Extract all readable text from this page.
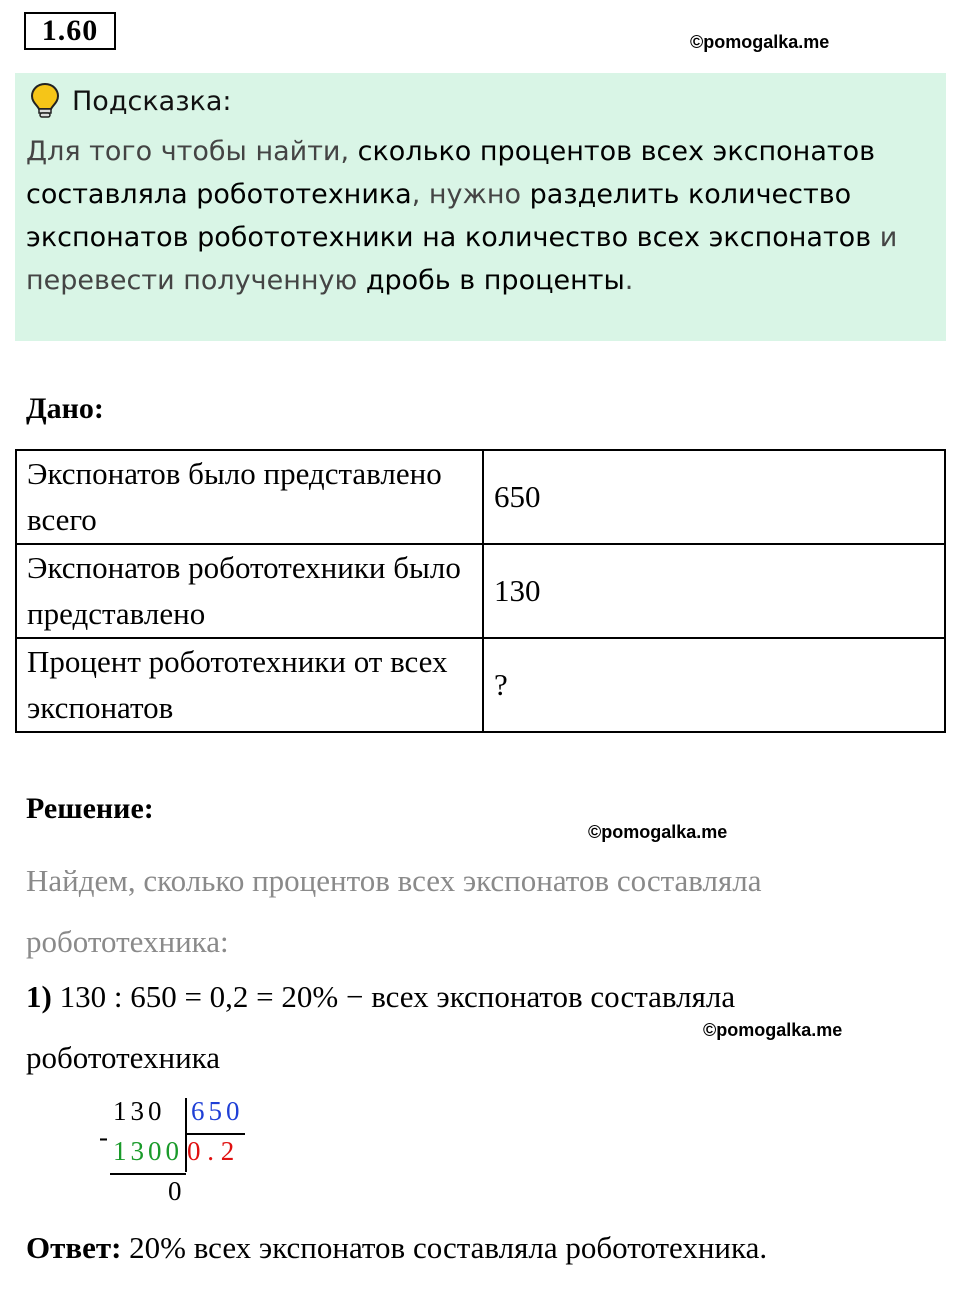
1.60	©pomogalka.me
Подсказка:
Для того чтобы найти, сколько процентов всех экспонатов составляла робототехника, нужно разделить количество экспонатов робототехники на количество всех экспонатов и перевести полученную дробь в проценты.
Дано:
Экспонатов было представлено всего	650
Экспонатов робототехники было представлено	130
Процент робототехники от всех экспонатов	?
Решение:
©pomogalka.me
Найдем, сколько процентов всех экспонатов составляла робототехника:
1) 130 : 650 = 0,2 = 20% − всех экспонатов составляла робототехника
©pomogalka.me
130 650
- 1300 0 . 2
0
Ответ: 20% всех экспонатов составляла робототехника.
